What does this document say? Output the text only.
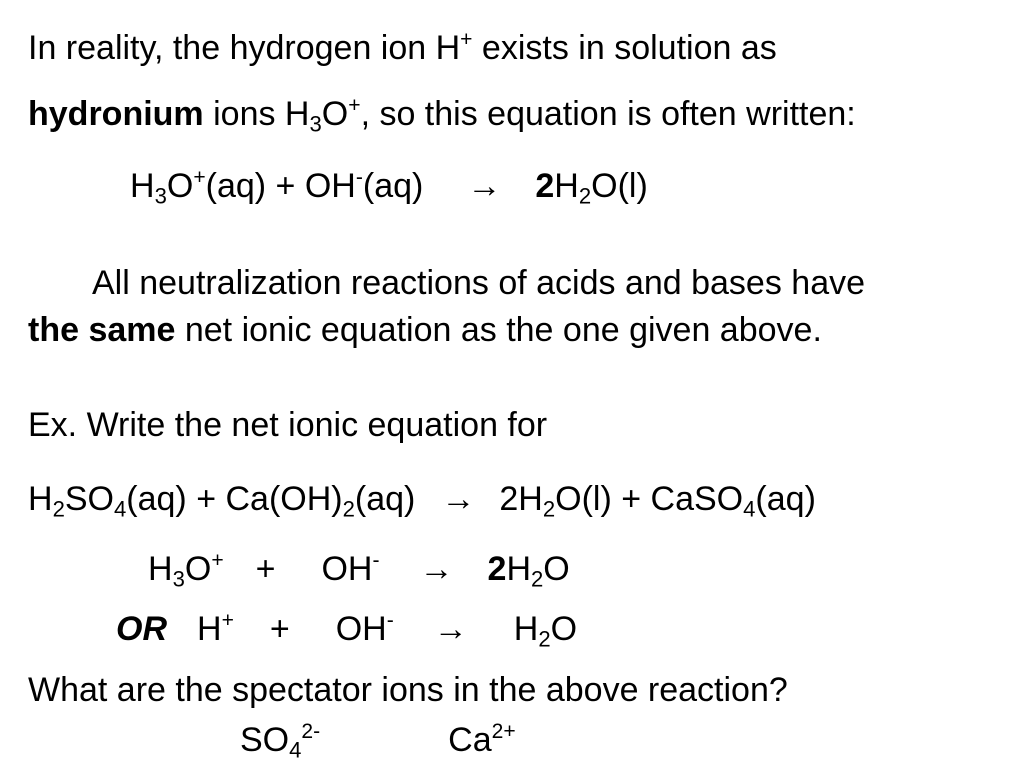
In reality, the hydrogen ion H+ exists in solution as
hydronium ions $H_3O^+$, so this equation is often written:
$H_3O^+(aq) + OH^-(aq) \to 2H_2O(l)$
All neutralization reactions of acids and bases have
the same net ionic equation as the one given above.
Ex. Write the net ionic equation for
$H_2SO_4(aq) + Ca(OH)_2(aq) \to 2H_2O(l)$ + CaSO$_4$(aq)
$H_3O^+ + OH^- \to 2H_2O$
OR $H^+ + OH^- \to H_2O$
What are the spectator ions in the above reaction?
$SO_4^{2-}$	$Ca^{2+}$
